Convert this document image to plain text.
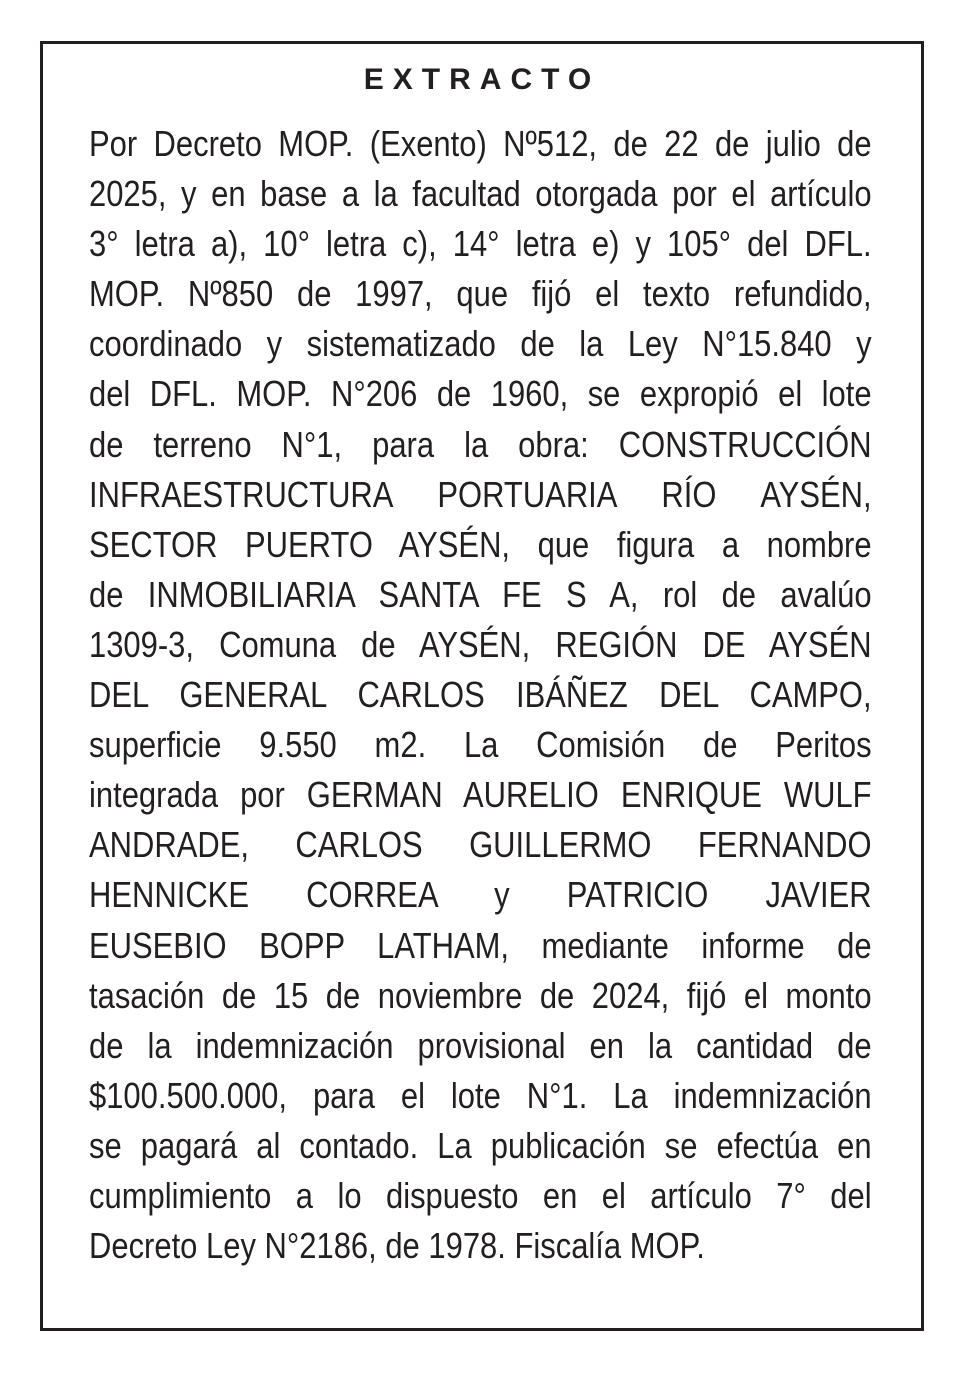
EXTRACTO
Por Decreto MOP. (Exento) Nº512, de 22 de julio de
2025, y en base a la facultad otorgada por el artículo
3° letra a), 10° letra c), 14° letra e) y 105° del DFL.
MOP. Nº850 de 1997, que fijó el texto refundido,
coordinado y sistematizado de la Ley N°15.840 y
del DFL. MOP. N°206 de 1960, se expropió el lote
de terreno N°1, para la obra: CONSTRUCCIÓN
INFRAESTRUCTURA PORTUARIA RÍO AYSÉN,
SECTOR PUERTO AYSÉN, que figura a nombre
de INMOBILIARIA SANTA FE S A, rol de avalúo
1309-3, Comuna de AYSÉN, REGIÓN DE AYSÉN
DEL GENERAL CARLOS IBÁÑEZ DEL CAMPO,
superficie 9.550 m2. La Comisión de Peritos
integrada por GERMAN AURELIO ENRIQUE WULF
ANDRADE, CARLOS GUILLERMO FERNANDO
HENNICKE CORREA y PATRICIO JAVIER
EUSEBIO BOPP LATHAM, mediante informe de
tasación de 15 de noviembre de 2024, fijó el monto
de la indemnización provisional en la cantidad de
$100.500.000, para el lote N°1. La indemnización
se pagará al contado. La publicación se efectúa en
cumplimiento a lo dispuesto en el artículo 7° del
Decreto Ley N°2186, de 1978. Fiscalía MOP.
